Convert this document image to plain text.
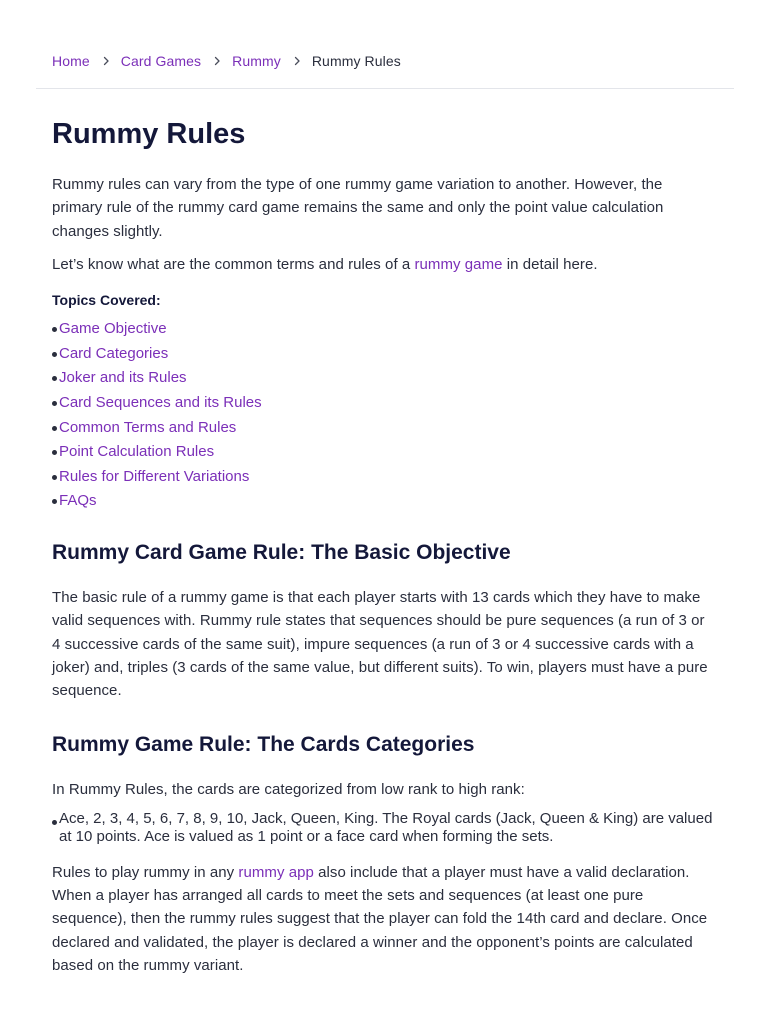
Home Card Games Rummy Rummy Rules
Rummy Rules

Rummy rules can vary from the type of one rummy game variation to another. However, the primary rule of the rummy card game remains the same and only the point value calculation changes slightly.

Let’s know what are the common terms and rules of a rummy game in detail here.

Topics Covered:
Game Objective
Card Categories
Joker and its Rules
Card Sequences and its Rules
Common Terms and Rules
Point Calculation Rules
Rules for Different Variations
FAQs
Rummy Card Game Rule: The Basic Objective

The basic rule of a rummy game is that each player starts with 13 cards which they have to make valid sequences with. Rummy rule states that sequences should be pure sequences (a run of 3 or 4 successive cards of the same suit), impure sequences (a run of 3 or 4 successive cards with a joker) and, triples (3 cards of the same value, but different suits). To win, players must have a pure sequence.

Rummy Game Rule: The Cards Categories

In Rummy Rules, the cards are categorized from low rank to high rank:

Ace, 2, 3, 4, 5, 6, 7, 8, 9, 10, Jack, Queen, King. The Royal cards (Jack, Queen & King) are valued at 10 points. Ace is valued as 1 point or a face card when forming the sets.

Rules to play rummy in any rummy app also include that a player must have a valid declaration. When a player has arranged all cards to meet the sets and sequences (at least one pure sequence), then the rummy rules suggest that the player can fold the 14th card and declare. Once declared and validated, the player is declared a winner and the opponent’s points are calculated based on the rummy variant.
